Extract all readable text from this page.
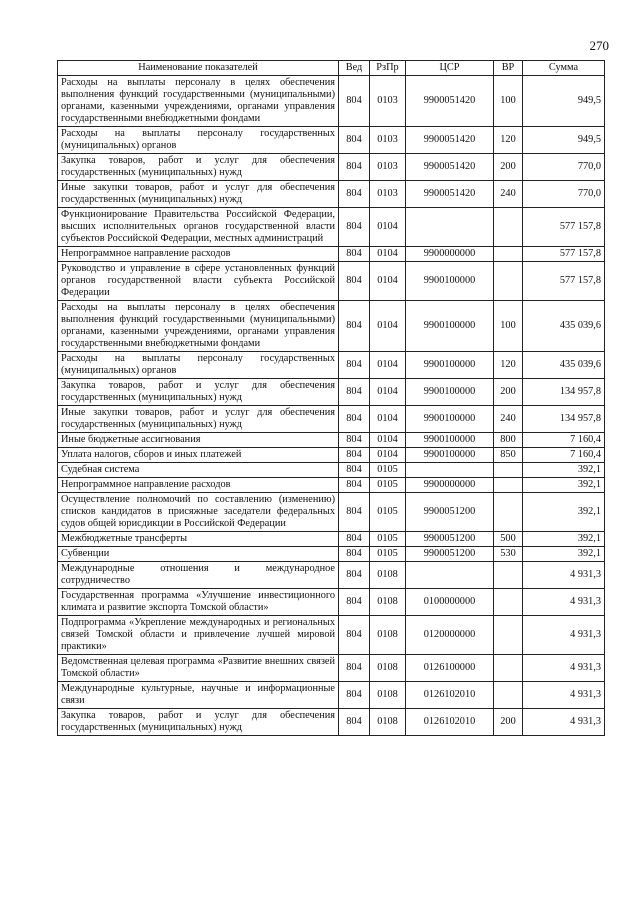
270
Наименование показателей	Вед	РзПр	ЦСР	ВР	Сумма
Расходы на выплаты персоналу в целях обеспечения выполнения функций государственными (муниципальными) органами, казенными учреждениями, органами управления государственными внебюджетными фондами	804	0103	9900051420	100	949,5
Расходы на выплаты персоналу государственных (муниципальных) органов	804	0103	9900051420	120	949,5
Закупка товаров, работ и услуг для обеспечения государственных (муниципальных) нужд	804	0103	9900051420	200	770,0
Иные закупки товаров, работ и услуг для обеспечения государственных (муниципальных) нужд	804	0103	9900051420	240	770,0
Функционирование Правительства Российской Федерации, высших исполнительных органов государственной власти субъектов Российской Федерации, местных администраций	804	0104			577 157,8
Непрограммное направление расходов	804	0104	9900000000		577 157,8
Руководство и управление в сфере установленных функций органов государственной власти субъекта Российской Федерации	804	0104	9900100000		577 157,8
Расходы на выплаты персоналу в целях обеспечения выполнения функций государственными (муниципальными) органами, казенными учреждениями, органами управления государственными внебюджетными фондами	804	0104	9900100000	100	435 039,6
Расходы на выплаты персоналу государственных (муниципальных) органов	804	0104	9900100000	120	435 039,6
Закупка товаров, работ и услуг для обеспечения государственных (муниципальных) нужд	804	0104	9900100000	200	134 957,8
Иные закупки товаров, работ и услуг для обеспечения государственных (муниципальных) нужд	804	0104	9900100000	240	134 957,8
Иные бюджетные ассигнования	804	0104	9900100000	800	7 160,4
Уплата налогов, сборов и иных платежей	804	0104	9900100000	850	7 160,4
Судебная система	804	0105			392,1
Непрограммное направление расходов	804	0105	9900000000		392,1
Осуществление полномочий по составлению (изменению) списков кандидатов в присяжные заседатели федеральных судов общей юрисдикции в Российской Федерации	804	0105	9900051200		392,1
Межбюджетные трансферты	804	0105	9900051200	500	392,1
Субвенции	804	0105	9900051200	530	392,1
Международные отношения и международное сотрудничество	804	0108			4 931,3
Государственная программа «Улучшение инвестиционного климата и развитие экспорта Томской области»	804	0108	0100000000		4 931,3
Подпрограмма «Укрепление международных и региональных связей Томской области и привлечение лучшей мировой практики»	804	0108	0120000000		4 931,3
Ведомственная целевая программа «Развитие внешних связей Томской области»	804	0108	0126100000		4 931,3
Международные культурные, научные и информационные связи	804	0108	0126102010		4 931,3
Закупка товаров, работ и услуг для обеспечения государственных (муниципальных) нужд	804	0108	0126102010	200	4 931,3
